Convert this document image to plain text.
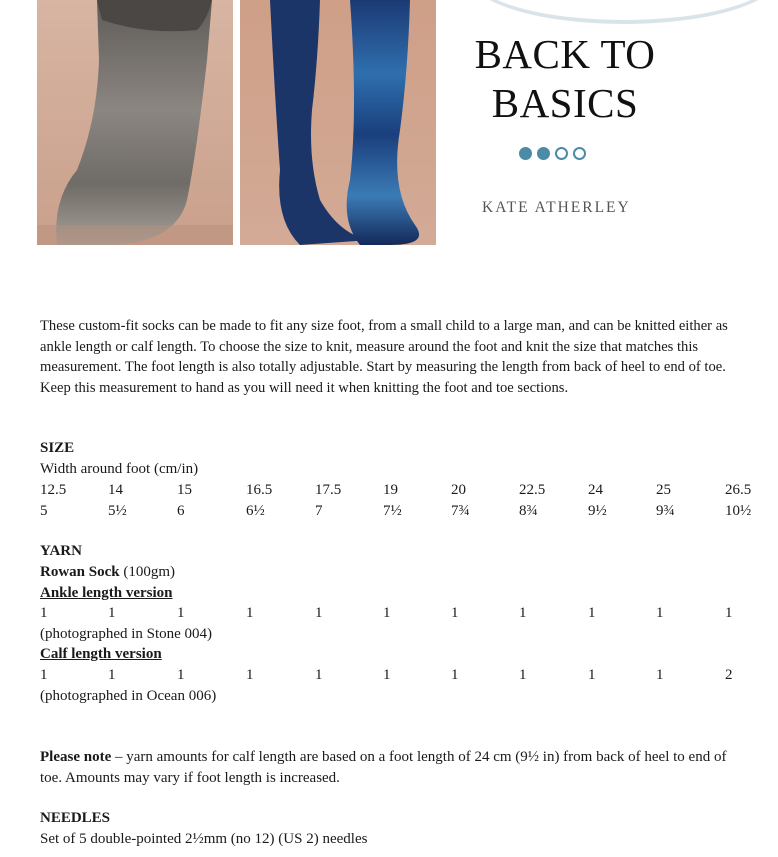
BACK TO
BASICS
KATE ATHERLEY
These custom-fit socks can be made to fit any size foot, from a small child to a large man, and can be knitted either as ankle length or calf length. To choose the size to knit, measure around the foot and knit the size that matches this measurement. The foot length is also totally adjustable. Start by measuring the length from back of heel to end of toe. Keep this measurement to hand as you will need it when knitting the foot and toe sections.
SIZE
Width around foot (cm/in)
12.5	14	15	16.5	17.5	19	20	22.5	24	25	26.5
5	5½	6	6½	7	7½	7¾	8¾	9½	9¾	10½
YARN
Rowan Sock (100gm)
Ankle length version
1	1	1	1	1	1	1	1	1	1	1
(photographed in Stone 004)
Calf length version
1	1	1	1	1	1	1	1	1	1	2
(photographed in Ocean 006)
Please note – yarn amounts for calf length are based on a foot length of 24 cm (9½ in) from back of heel to end of toe. Amounts may vary if foot length is increased.
NEEDLES
Set of 5 double-pointed 2½mm (no 12) (US 2) needles
